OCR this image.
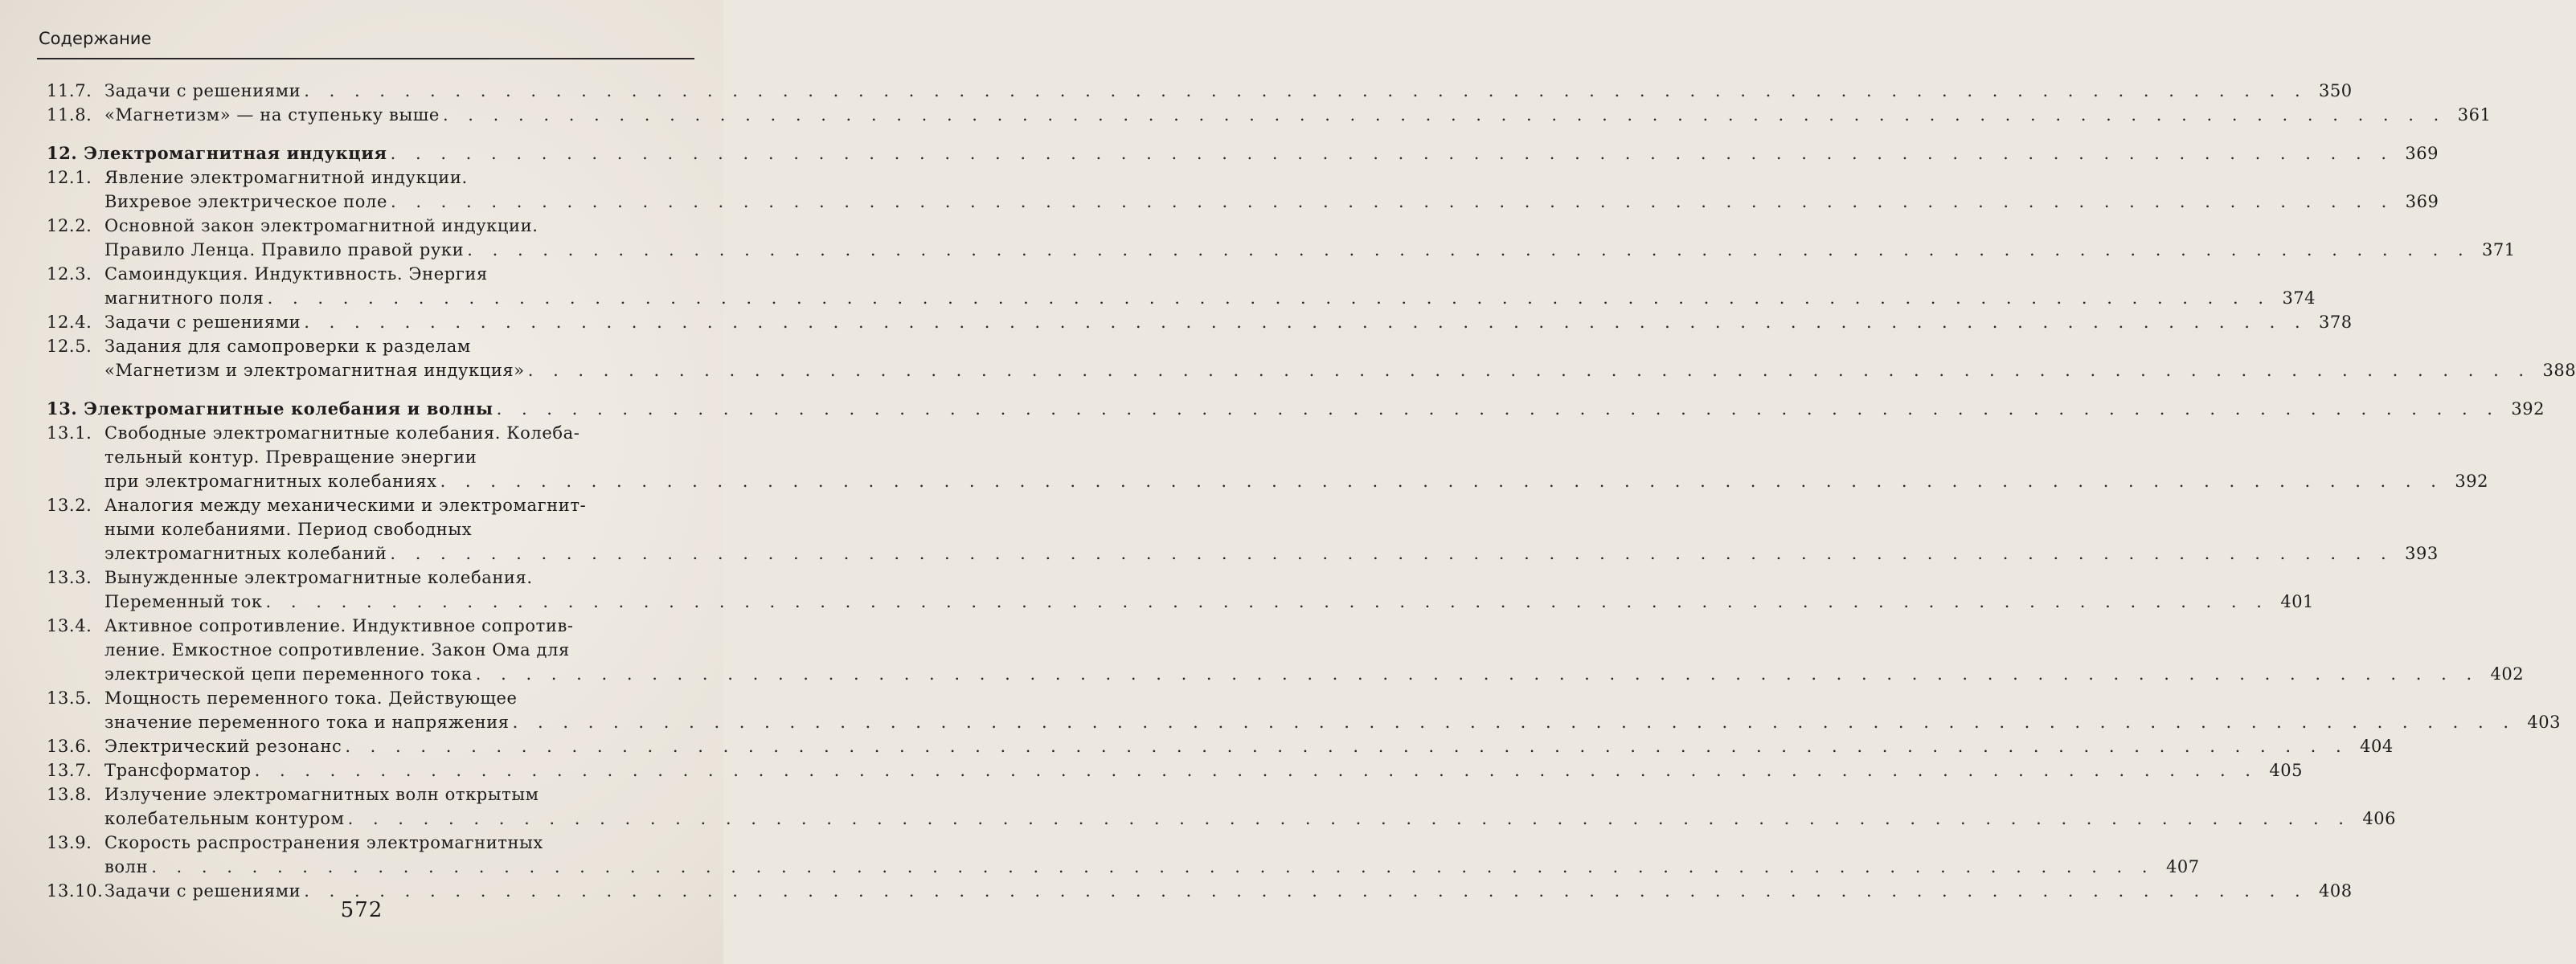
Содержание
11.7. Задачи с решениями . . . . . . . . . . . . . . . . . . . . . . . . . . . . . . . . . . . . . . . . . . . . . . . . . . . . . . . . . . . . . . . . . . . . . . . . . . . . . . . . 350
11.8. «Магнетизм» — на ступеньку выше . . . . . . . . . . . . . . . . . . . . . . . . . . . . . . . . . . . . . . . . . . . . . . . . . . . . . . . . . . . . . . . . . . . . . . . . . . . . . . . . 361
12. Электромагнитная индукция . . . . . . . . . . . . . . . . . . . . . . . . . . . . . . . . . . . . . . . . . . . . . . . . . . . . . . . . . . . . . . . . . . . . . . . . . . . . . . . . 369
12.1. Явление электромагнитной индукции.
Вихревое электрическое поле . . . . . . . . . . . . . . . . . . . . . . . . . . . . . . . . . . . . . . . . . . . . . . . . . . . . . . . . . . . . . . . . . . . . . . . . . . . . . . . . 369
12.2. Основной закон электромагнитной индукции.
Правило Ленца. Правило правой руки . . . . . . . . . . . . . . . . . . . . . . . . . . . . . . . . . . . . . . . . . . . . . . . . . . . . . . . . . . . . . . . . . . . . . . . . . . . . . . . . 371
12.3. Самоиндукция. Индуктивность. Энергия
магнитного поля . . . . . . . . . . . . . . . . . . . . . . . . . . . . . . . . . . . . . . . . . . . . . . . . . . . . . . . . . . . . . . . . . . . . . . . . . . . . . . . . 374
12.4. Задачи с решениями . . . . . . . . . . . . . . . . . . . . . . . . . . . . . . . . . . . . . . . . . . . . . . . . . . . . . . . . . . . . . . . . . . . . . . . . . . . . . . . . 378
12.5. Задания для самопроверки к разделам
«Магнетизм и электромагнитная индукция» . . . . . . . . . . . . . . . . . . . . . . . . . . . . . . . . . . . . . . . . . . . . . . . . . . . . . . . . . . . . . . . . . . . . . . . . . . . . . . . . 388
13. Электромагнитные колебания и волны . . . . . . . . . . . . . . . . . . . . . . . . . . . . . . . . . . . . . . . . . . . . . . . . . . . . . . . . . . . . . . . . . . . . . . . . . . . . . . . . 392
13.1. Свободные электромагнитные колебания. Колеба-
тельный контур. Превращение энергии
при электромагнитных колебаниях . . . . . . . . . . . . . . . . . . . . . . . . . . . . . . . . . . . . . . . . . . . . . . . . . . . . . . . . . . . . . . . . . . . . . . . . . . . . . . . . 392
13.2. Аналогия между механическими и электромагнит-
ными колебаниями. Период свободных
электромагнитных колебаний . . . . . . . . . . . . . . . . . . . . . . . . . . . . . . . . . . . . . . . . . . . . . . . . . . . . . . . . . . . . . . . . . . . . . . . . . . . . . . . . 393
13.3. Вынужденные электромагнитные колебания.
Переменный ток . . . . . . . . . . . . . . . . . . . . . . . . . . . . . . . . . . . . . . . . . . . . . . . . . . . . . . . . . . . . . . . . . . . . . . . . . . . . . . . . 401
13.4. Активное сопротивление. Индуктивное сопротив-
ление. Емкостное сопротивление. Закон Ома для
электрической цепи переменного тока . . . . . . . . . . . . . . . . . . . . . . . . . . . . . . . . . . . . . . . . . . . . . . . . . . . . . . . . . . . . . . . . . . . . . . . . . . . . . . . . 402
13.5. Мощность переменного тока. Действующее
значение переменного тока и напряжения . . . . . . . . . . . . . . . . . . . . . . . . . . . . . . . . . . . . . . . . . . . . . . . . . . . . . . . . . . . . . . . . . . . . . . . . . . . . . . . . 403
13.6. Электрический резонанс . . . . . . . . . . . . . . . . . . . . . . . . . . . . . . . . . . . . . . . . . . . . . . . . . . . . . . . . . . . . . . . . . . . . . . . . . . . . . . . . 404
13.7. Трансформатор . . . . . . . . . . . . . . . . . . . . . . . . . . . . . . . . . . . . . . . . . . . . . . . . . . . . . . . . . . . . . . . . . . . . . . . . . . . . . . . . 405
13.8. Излучение электромагнитных волн открытым
колебательным контуром . . . . . . . . . . . . . . . . . . . . . . . . . . . . . . . . . . . . . . . . . . . . . . . . . . . . . . . . . . . . . . . . . . . . . . . . . . . . . . . . 406
13.9. Скорость распространения электромагнитных
волн . . . . . . . . . . . . . . . . . . . . . . . . . . . . . . . . . . . . . . . . . . . . . . . . . . . . . . . . . . . . . . . . . . . . . . . . . . . . . . . . 407
13.10. Задачи с решениями . . . . . . . . . . . . . . . . . . . . . . . . . . . . . . . . . . . . . . . . . . . . . . . . . . . . . . . . . . . . . . . . . . . . . . . . . . . . . . . . 408
572
